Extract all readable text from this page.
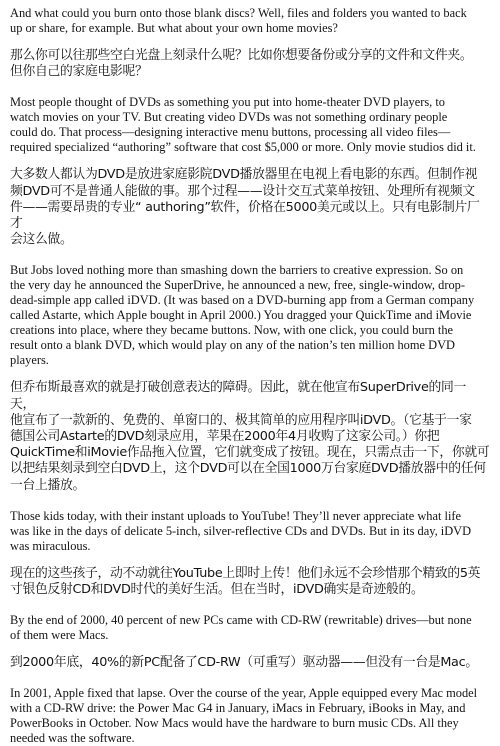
And what could you burn onto those blank discs? Well, files and folders you wanted to back
up or share, for example. But what about your own home movies?

那么你可以往那些空白光盘上刻录什么呢？比如你想要备份或分享的文件和文件夹。
但你自己的家庭电影呢？

Most people thought of DVDs as something you put into home-theater DVD players, to
watch movies on your TV. But creating video DVDs was not something ordinary people
could do. That process—designing interactive menu buttons, processing all video files—
required specialized “authoring” software that cost $5,000 or more. Only movie studios did it.

大多数人都认为DVD是放进家庭影院DVD播放器里在电视上看电影的东西。但制作视
频DVD可不是普通人能做的事。那个过程——设计交互式菜单按钮、处理所有视频文
件——需要昂贵的专业“ authoring”软件，价格在5000美元或以上。只有电影制片厂才
会这么做。

But Jobs loved nothing more than smashing down the barriers to creative expression. So on
the very day he announced the SuperDrive, he announced a new, free, single-window, drop-
dead-simple app called iDVD. (It was based on a DVD-burning app from a German company
called Astarte, which Apple bought in April 2000.) You dragged your QuickTime and iMovie
creations into place, where they became buttons. Now, with one click, you could burn the
result onto a blank DVD, which would play on any of the nation’s ten million home DVD
players.

但乔布斯最喜欢的就是打破创意表达的障碍。因此，就在他宣布SuperDrive的同一天，
他宣布了一款新的、免费的、单窗口的、极其简单的应用程序叫iDVD。（它基于一家
德国公司Astarte的DVD刻录应用，苹果在2000年4月收购了这家公司。）你把
QuickTime和iMovie作品拖入位置，它们就变成了按钮。现在，只需点击一下，你就可
以把结果刻录到空白DVD上，这个DVD可以在全国1000万台家庭DVD播放器中的任何
一台上播放。

Those kids today, with their instant uploads to YouTube! They’ll never appreciate what life
was like in the days of delicate 5-inch, silver-reflective CDs and DVDs. But in its day, iDVD
was miraculous.

现在的这些孩子，动不动就往YouTube上即时上传！他们永远不会珍惜那个精致的5英
寸银色反射CD和DVD时代的美好生活。但在当时，iDVD确实是奇迹般的。

By the end of 2000, 40 percent of new PCs came with CD-RW (rewritable) drives—but none
of them were Macs.

到2000年底，40%的新PC配备了CD-RW（可重写）驱动器——但没有一台是Mac。

In 2001, Apple fixed that lapse. Over the course of the year, Apple equipped every Mac model
with a CD-RW drive: the Power Mac G4 in January, iMacs in February, iBooks in May, and
PowerBooks in October. Now Macs would have the hardware to burn music CDs. All they
needed was the software.
